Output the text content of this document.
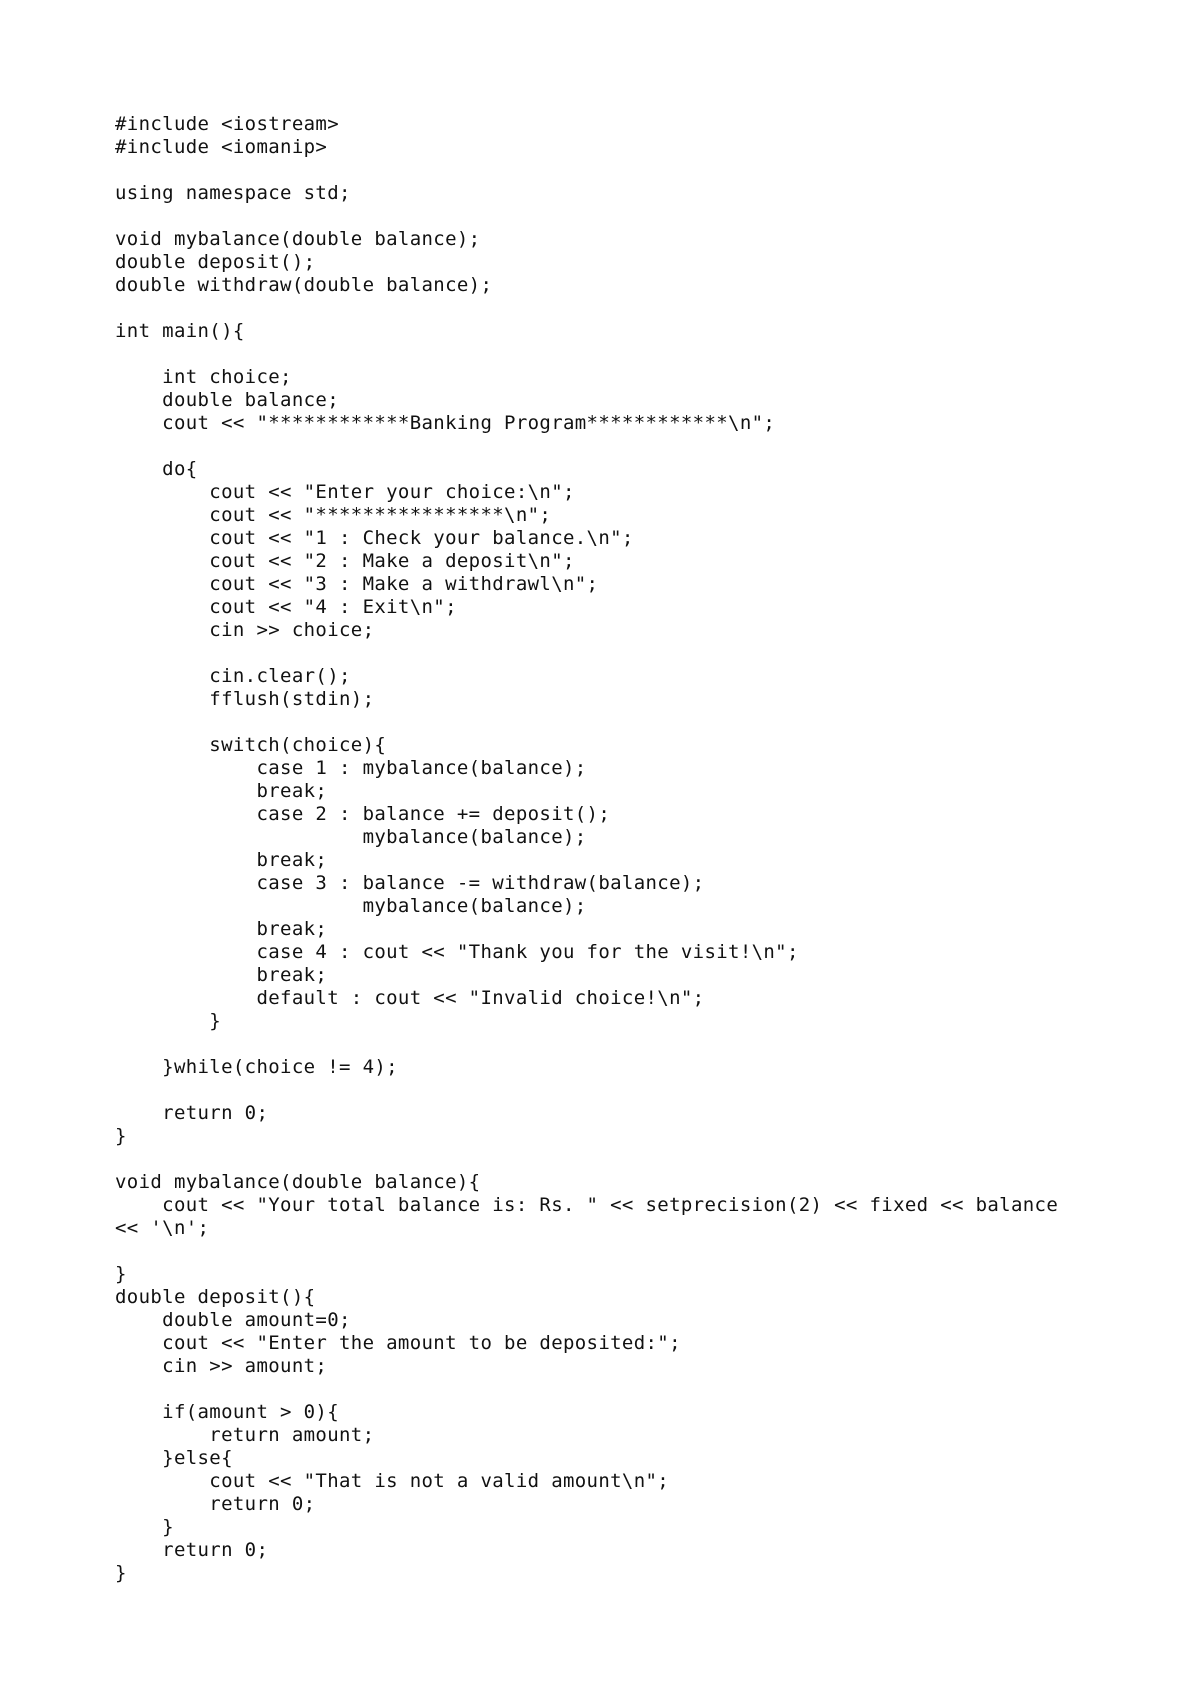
#include <iostream>
#include <iomanip>
using namespace std;
void mybalance(double balance);
double deposit();
double withdraw(double balance);
int main(){
int choice;
double balance;
cout << "************Banking Program************\n";
do{
cout << "Enter your choice:\n";
cout << "****************\n";
cout << "1 : Check your balance.\n";
cout << "2 : Make a deposit\n";
cout << "3 : Make a withdrawl\n";
cout << "4 : Exit\n";
cin >> choice;
cin.clear();
fflush(stdin);
switch(choice){
case 1 : mybalance(balance);
break;
case 2 : balance += deposit();
mybalance(balance);
break;
case 3 : balance -= withdraw(balance);
mybalance(balance);
break;
case 4 : cout << "Thank you for the visit!\n";
break;
default : cout << "Invalid choice!\n";
}
}while(choice != 4);
return 0;
}
void mybalance(double balance){
cout << "Your total balance is: Rs. " << setprecision(2) << fixed << balance
<< '\n';
}
double deposit(){
double amount=0;
cout << "Enter the amount to be deposited:";
cin >> amount;
if(amount > 0){
return amount;
}else{
cout << "That is not a valid amount\n";
return 0;
}
return 0;
}
